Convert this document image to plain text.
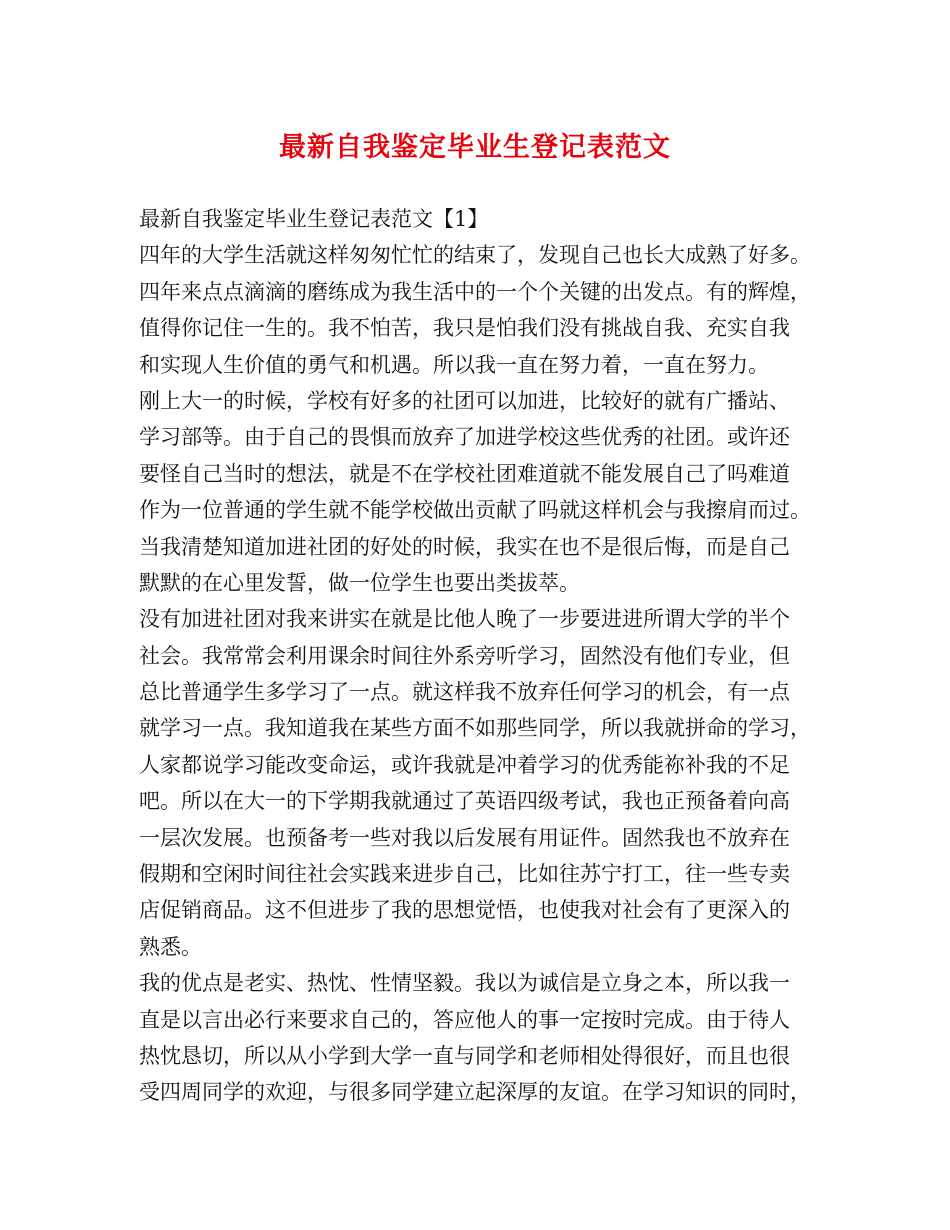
最新自我鉴定毕业生登记表范文
最新自我鉴定毕业生登记表范文【1】
四年的大学生活就这样匆匆忙忙的结束了，发现自己也长大成熟了好多。
四年来点点滴滴的磨练成为我生活中的一个个关键的出发点。有的辉煌，
值得你记住一生的。我不怕苦，我只是怕我们没有挑战自我、充实自我
和实现人生价值的勇气和机遇。所以我一直在努力着，一直在努力。
刚上大一的时候，学校有好多的社团可以加进，比较好的就有广播站、
学习部等。由于自己的畏惧而放弃了加进学校这些优秀的社团。或许还
要怪自己当时的想法，就是不在学校社团难道就不能发展自己了吗难道
作为一位普通的学生就不能学校做出贡献了吗就这样机会与我擦肩而过。
当我清楚知道加进社团的好处的时候，我实在也不是很后悔，而是自己
默默的在心里发誓，做一位学生也要出类拔萃。
没有加进社团对我来讲实在就是比他人晚了一步要进进所谓大学的半个
社会。我常常会利用课余时间往外系旁听学习，固然没有他们专业，但
总比普通学生多学习了一点。就这样我不放弃任何学习的机会，有一点
就学习一点。我知道我在某些方面不如那些同学，所以我就拼命的学习，
人家都说学习能改变命运，或许我就是冲着学习的优秀能祢补我的不足
吧。所以在大一的下学期我就通过了英语四级考试，我也正预备着向高
一层次发展。也预备考一些对我以后发展有用证件。固然我也不放弃在
假期和空闲时间往社会实践来进步自己，比如往苏宁打工，往一些专卖
店促销商品。这不但进步了我的思想觉悟，也使我对社会有了更深入的
熟悉。
我的优点是老实、热忱、性情坚毅。我以为诚信是立身之本，所以我一
直是以言出必行来要求自己的，答应他人的事一定按时完成。由于待人
热忱恳切，所以从小学到大学一直与同学和老师相处得很好，而且也很
受四周同学的欢迎，与很多同学建立起深厚的友谊。在学习知识的同时，
